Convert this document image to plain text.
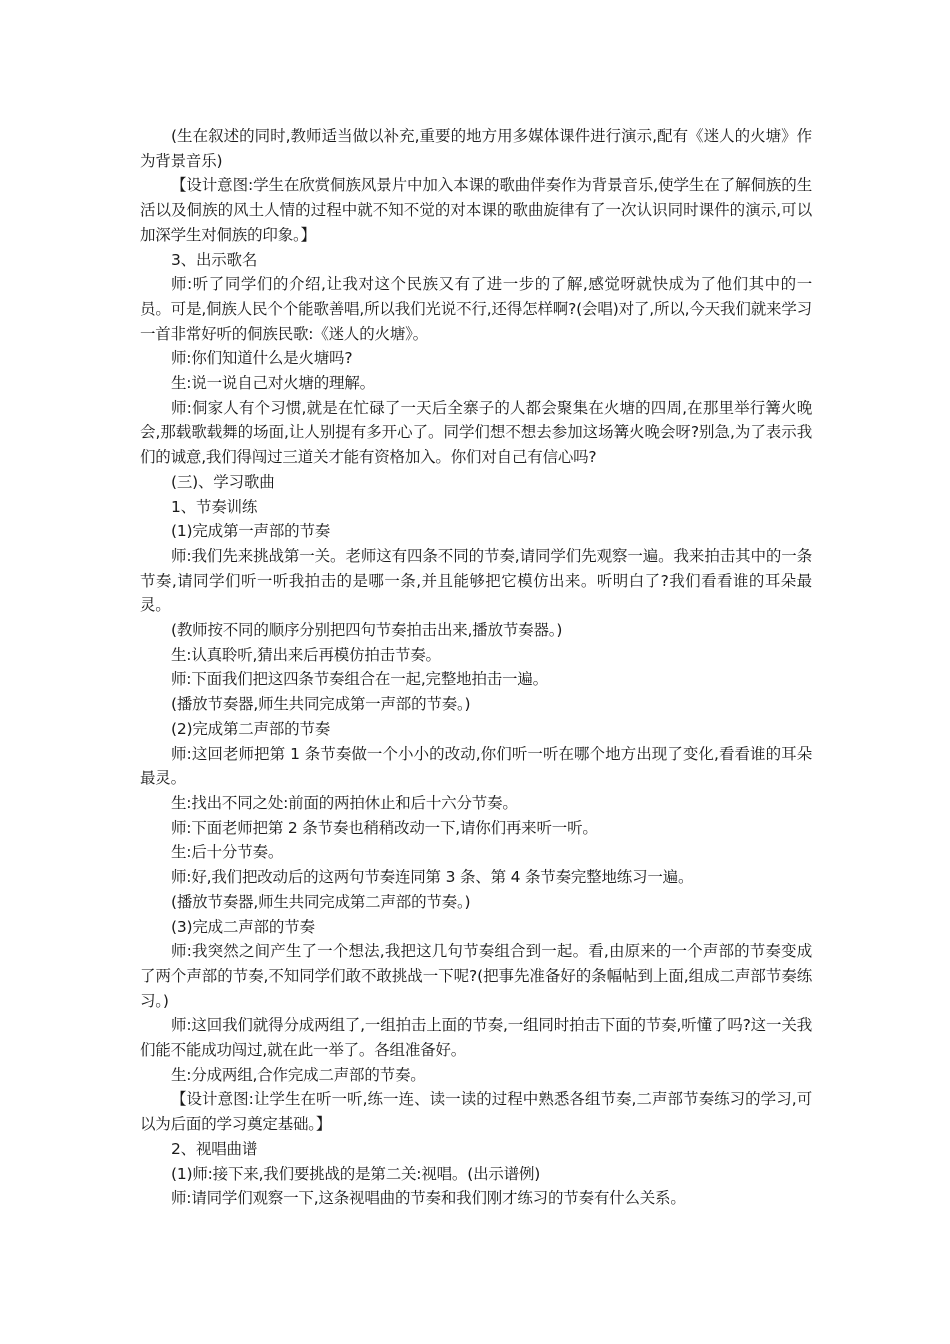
(生在叙述的同时,教师适当做以补充,重要的地方用多媒体课件进行演示,配有《迷人的火塘》作为背景音乐)

【设计意图:学生在欣赏侗族风景片中加入本课的歌曲伴奏作为背景音乐,使学生在了解侗族的生活以及侗族的风土人情的过程中就不知不觉的对本课的歌曲旋律有了一次认识同时课件的演示,可以加深学生对侗族的印象。】

3、出示歌名

师:听了同学们的介绍,让我对这个民族又有了进一步的了解,感觉呀就快成为了他们其中的一员。可是,侗族人民个个能歌善唱,所以我们光说不行,还得怎样啊?(会唱)对了,所以,今天我们就来学习一首非常好听的侗族民歌:《迷人的火塘》。

师:你们知道什么是火塘吗?

生:说一说自己对火塘的理解。

师:侗家人有个习惯,就是在忙碌了一天后全寨子的人都会聚集在火塘的四周,在那里举行篝火晚会,那载歌载舞的场面,让人别提有多开心了。同学们想不想去参加这场篝火晚会呀?别急,为了表示我们的诚意,我们得闯过三道关才能有资格加入。你们对自己有信心吗?

(三)、学习歌曲

1、节奏训练

(1)完成第一声部的节奏

师:我们先来挑战第一关。老师这有四条不同的节奏,请同学们先观察一遍。我来拍击其中的一条节奏,请同学们听一听我拍击的是哪一条,并且能够把它模仿出来。听明白了?我们看看谁的耳朵最灵。

(教师按不同的顺序分别把四句节奏拍击出来,播放节奏器。)

生:认真聆听,猜出来后再模仿拍击节奏。

师:下面我们把这四条节奏组合在一起,完整地拍击一遍。

(播放节奏器,师生共同完成第一声部的节奏。)

(2)完成第二声部的节奏

师:这回老师把第 1 条节奏做一个小小的改动,你们听一听在哪个地方出现了变化,看看谁的耳朵最灵。

生:找出不同之处:前面的两拍休止和后十六分节奏。

师:下面老师把第 2 条节奏也稍稍改动一下,请你们再来听一听。

生:后十分节奏。

师:好,我们把改动后的这两句节奏连同第 3 条、第 4 条节奏完整地练习一遍。

(播放节奏器,师生共同完成第二声部的节奏。)

(3)完成二声部的节奏

师:我突然之间产生了一个想法,我把这几句节奏组合到一起。看,由原来的一个声部的节奏变成了两个声部的节奏,不知同学们敢不敢挑战一下呢?(把事先准备好的条幅帖到上面,组成二声部节奏练习。)

师:这回我们就得分成两组了,一组拍击上面的节奏,一组同时拍击下面的节奏,听懂了吗?这一关我们能不能成功闯过,就在此一举了。各组准备好。

生:分成两组,合作完成二声部的节奏。

【设计意图:让学生在听一听,练一连、读一读的过程中熟悉各组节奏,二声部节奏练习的学习,可以为后面的学习奠定基础。】

2、视唱曲谱

(1)师:接下来,我们要挑战的是第二关:视唱。(出示谱例)

师:请同学们观察一下,这条视唱曲的节奏和我们刚才练习的节奏有什么关系。
